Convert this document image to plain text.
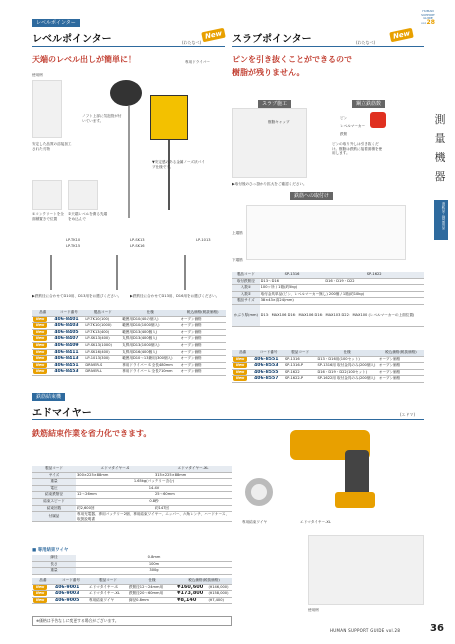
HUMAN
SUPPORT
GUIDE
vol.28
測
量
機
器
消耗品・測量用品
レベルポインター
レベルポインター	(わたなべ)
New
天端のレベル出しが簡単に！
使用例
専用ドライバー
ノフト上部に気泡管が付いています。
▼安定感のある金属ノーズ状パイプ仕様です。
安定した品質の溶接加工された刃物
①コンクリートを全面積置きで位置
②天端レベルを測る先端をめ込んで
LP-TK10
LP-TK15
LP-SK13
LP-SK16
LP-1013
▶鉄筋径に合わせてD10用、D13用をお選びください。	▶鉄筋径に合わせてD13用、D16用をお選びください。
品番	コード番号	製品コード	仕様	税込価格(税抜価格)
New	406-8401	LP-TK10(100)	範囲用D10(40の個入)	オープン価格
New	406-8403	LP-TK10(1000)	範囲用D10(1000個入)	オープン価格
New	406-8405	LP-TK13(400)	範囲用D13(400個入)	オープン価格
New	406-8407	LP-SK13(400)	丸棒用D13(400個入)	オープン価格
New	406-8409	LP-SK13(1000)	丸棒用D13(1000個入)	オープン価格
New	406-8411	LP-SK16(400)	丸棒用D16(400個入)	オープン価格
New	406-8413	LP-1013(300)	範囲用D10〜13兼用(300個入)	オープン価格
New	406-8451	DRIVER-S	専用ドライバー S 全長480mm	オープン価格
New	406-8453	DRIVER-L	専用ドライバー L 全長710mm	オープン価格
スラブポインター	(わたなべ)
New
ピンを引き抜くことができるので
樹脂が残りません。
スラブ施工	鋼立鉄筋数
ピン
レベルマーカー
鉄筋
樹脂キャップ
ピンの取り外しは引き抜くだけ。樹脂は鉄筋に接着面積を使用します。
▶取付後のひっ掛かり拡大をご確認ください。
鉄筋への取付け
上端筋
下端筋
製品コード	SP-1316	SP-1622
取付鉄筋径	D13〜D16	D16・D19・D22
入数①	100ヶ所 / 1箱(約5kg)	
入数②	取付金具単品(ピン、レベルマーカー無し) 200個 / 1箱(約10kg)	
製品サイズ	38×43×高24(mm)	
かぶり厚(mm)	D13：MAX106 D16：MAX106 D16：MAX103 D22：MAX100 (レベルマーカーの上面位置)	
品番	コード番号	製品コード	仕様	税込価格(税抜価格)
New	406-8551	SP-1316	D13・D16用(100セット)	オープン価格
New	406-8553	SP-1316-P	SP-1316用 取付金具のみ(200個入)	オープン価格
New	406-8555	SP-1622	D16・D19・D22(100セット)	オープン価格
New	406-8557	SP-1622-P	SP-1622用 取付金具のみ(200個入)	オープン価格
鉄筋結束機
エドマイヤー	(エドマ)
鉄筋結束作業を省力化できます。
製品コード	エドマタイヤー-S	エドマタイヤー-XL
サイズ	300×225×88mm	315×225×88mm
重量	1.65kg(バッテリー含む)	
電圧	14.4V	
結束鉄筋径	12〜26mm	25〜60mm
結束スピード	0.8秒	
結束回数	約2,600回	約147回
付属品	専用充電器、専用バッテリー2個、専用結束ワイヤー、ニッパー、六角レンチ、ハードケース、取扱説明書	
専用結束ワイヤ	エドマタイヤー-XL
■ 専用結束ワイヤ
線径	0.8mm
長さ	100m
重量	300g
品番	コード番号	製品コード	仕様	税込価格(税抜価格)	
New	406-9001	エドマタイヤー-S	鉄筋径12〜24mm用	¥160,600	(¥146,000)
New	406-9003	エドマタイヤー-XL	鉄筋径20〜60mm用	¥173,800	(¥158,000)
New	406-9005	専用結束ワイヤ	線径0.8mm	¥8,140	(¥7,400)
使用例
※価格は予告なしに変更する場合がございます。
HUMAN SUPPORT GUIDE vol.28	36
